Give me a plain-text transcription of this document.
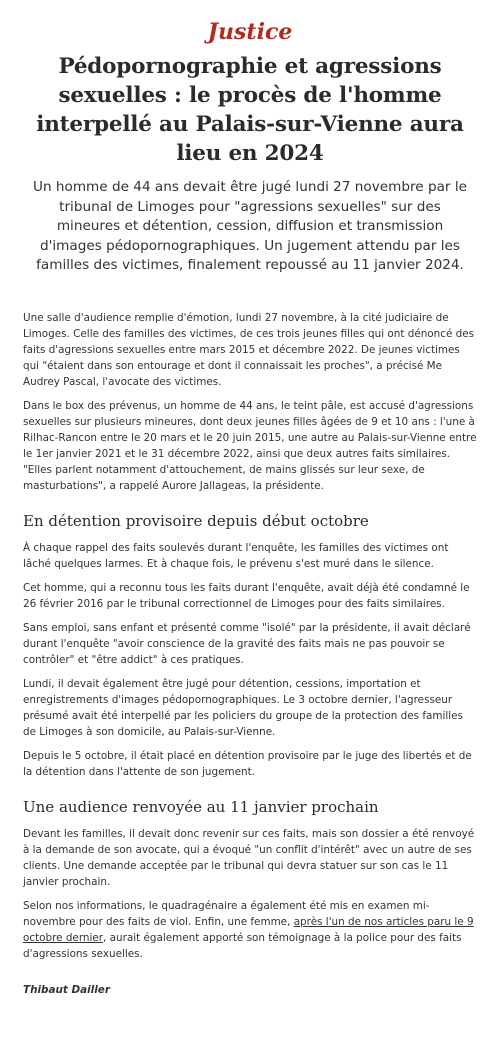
Justice
Pédopornographie et agressions sexuelles : le procès de l'homme interpellé au Palais-sur-Vienne aura lieu en 2024
Un homme de 44 ans devait être jugé lundi 27 novembre par le tribunal de Limoges pour "agressions sexuelles" sur des mineures et détention, cession, diffusion et transmission d'images pédopornographiques. Un jugement attendu par les familles des victimes, finalement repoussé au 11 janvier 2024.

Une salle d'audience remplie d'émotion, lundi 27 novembre, à la cité judiciaire de Limoges. Celle des familles des victimes, de ces trois jeunes filles qui ont dénoncé des faits d'agressions sexuelles entre mars 2015 et décembre 2022. De jeunes victimes qui "étaient dans son entourage et dont il connaissait les proches", a précisé Me Audrey Pascal, l'avocate des victimes.

Dans le box des prévenus, un homme de 44 ans, le teint pâle, est accusé d'agressions sexuelles sur plusieurs mineures, dont deux jeunes filles âgées de 9 et 10 ans : l'une à Rilhac-Rancon entre le 20 mars et le 20 juin 2015, une autre au Palais-sur-Vienne entre le 1er janvier 2021 et le 31 décembre 2022, ainsi que deux autres faits similaires. "Elles parlent notamment d'attouchement, de mains glissés sur leur sexe, de masturbations", a rappelé Aurore Jallageas, la présidente.

En détention provisoire depuis début octobre

À chaque rappel des faits soulevés durant l'enquête, les familles des victimes ont lâché quelques larmes. Et à chaque fois, le prévenu s'est muré dans le silence.

Cet homme, qui a reconnu tous les faits durant l'enquête, avait déjà été condamné le 26 février 2016 par le tribunal correctionnel de Limoges pour des faits similaires.

Sans emploi, sans enfant et présenté comme "isolé" par la présidente, il avait déclaré durant l'enquête "avoir conscience de la gravité des faits mais ne pas pouvoir se contrôler" et "être addict" à ces pratiques.

Lundi, il devait également être jugé pour détention, cessions, importation et enregistrements d'images pédopornographiques. Le 3 octobre dernier, l'agresseur présumé avait été interpellé par les policiers du groupe de la protection des familles de Limoges à son domicile, au Palais-sur-Vienne.

Depuis le 5 octobre, il était placé en détention provisoire par le juge des libertés et de la détention dans l'attente de son jugement.

Une audience renvoyée au 11 janvier prochain

Devant les familles, il devait donc revenir sur ces faits, mais son dossier a été renvoyé à la demande de son avocate, qui a évoqué "un conflit d'intérêt" avec un autre de ses clients. Une demande acceptée par le tribunal qui devra statuer sur son cas le 11 janvier prochain.

Selon nos informations, le quadragénaire a également été mis en examen mi-novembre pour des faits de viol. Enfin, une femme, après l'un de nos articles paru le 9 octobre dernier, aurait également apporté son témoignage à la police pour des faits d'agressions sexuelles.

Thibaut Dailler
